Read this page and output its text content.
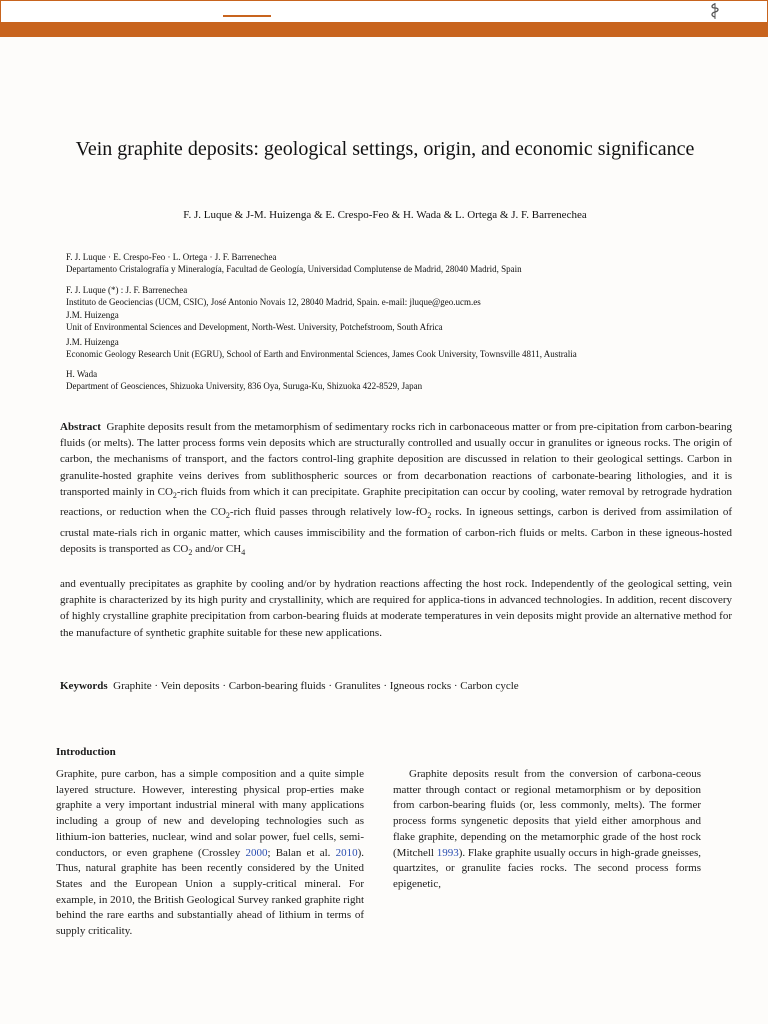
Vein graphite deposits: geological settings, origin, and economic significance
F. J. Luque & J-M. Huizenga & E. Crespo-Feo & H. Wada & L. Ortega & J. F. Barrenechea
F. J. Luque · E. Crespo-Feo · L. Ortega · J. F. Barrenechea
Departamento Cristalografía y Mineralogía, Facultad de Geología, Universidad Complutense de Madrid, 28040 Madrid, Spain
F. J. Luque (*) : J. F. Barrenechea
Instituto de Geociencias (UCM, CSIC), José Antonio Novais 12, 28040 Madrid, Spain. e-mail: jluque@geo.ucm.es
J.M. Huizenga
Unit of Environmental Sciences and Development, North-West. University, Potchefstroom, South Africa
J.M. Huizenga
Economic Geology Research Unit (EGRU), School of Earth and Environmental Sciences, James Cook University, Townsville 4811, Australia
H. Wada
Department of Geosciences, Shizuoka University, 836 Oya, Suruga-Ku, Shizuoka 422-8529, Japan
Abstract Graphite deposits result from the metamorphism of sedimentary rocks rich in carbonaceous matter or from pre-cipitation from carbon-bearing fluids (or melts). The latter process forms vein deposits which are structurally controlled and usually occur in granulites or igneous rocks. The origin of carbon, the mechanisms of transport, and the factors control-ling graphite deposition are discussed in relation to their geological settings. Carbon in granulite-hosted graphite veins derives from sublithospheric sources or from decarbonation reactions of carbonate-bearing lithologies, and it is transported mainly in $CO_2$-rich fluids from which it can precipitate. Graphite precipitation can occur by cooling, water removal by retrograde hydration reactions, or reduction when the $CO_2$-rich fluid passes through relatively low-$fO_2$ rocks. In igneous settings, carbon is derived from assimilation of crustal mate-rials rich in organic matter, which causes immiscibility and the formation of carbon-rich fluids or melts. Carbon in these igneous-hosted deposits is transported as $CO_2$ and/or $CH_4$
and eventually precipitates as graphite by cooling and/or by hydration reactions affecting the host rock. Independently of the geological setting, vein graphite is characterized by its high purity and crystallinity, which are required for applica-tions in advanced technologies. In addition, recent discovery of highly crystalline graphite precipitation from carbon-bearing fluids at moderate temperatures in vein deposits might provide an alternative method for the manufacture of synthetic graphite suitable for these new applications.
Keywords Graphite · Vein deposits · Carbon-bearing fluids · Granulites · Igneous rocks · Carbon cycle
Introduction

Graphite, pure carbon, has a simple composition and a quite simple layered structure. However, interesting physical prop-erties make graphite a very important industrial mineral with many applications including a group of new and developing technologies such as lithium-ion batteries, nuclear, wind and solar power, fuel cells, semi-conductors, or even graphene (Crossley 2000; Balan et al. 2010). Thus, natural graphite has been recently considered by the United States and the European Union a supply-critical mineral. For example, in 2010, the British Geological Survey ranked graphite right behind the rare earths and substantially ahead of lithium in terms of supply criticality.

Graphite deposits result from the conversion of carbona-ceous matter through contact or regional metamorphism or by deposition from carbon-bearing fluids (or, less commonly, melts). The former process forms syngenetic deposits that yield either amorphous and flake graphite, depending on the metamorphic grade of the host rock (Mitchell 1993). Flake graphite usually occurs in high-grade gneisses, quartzites, or granulite facies rocks. The second process forms epigenetic,
